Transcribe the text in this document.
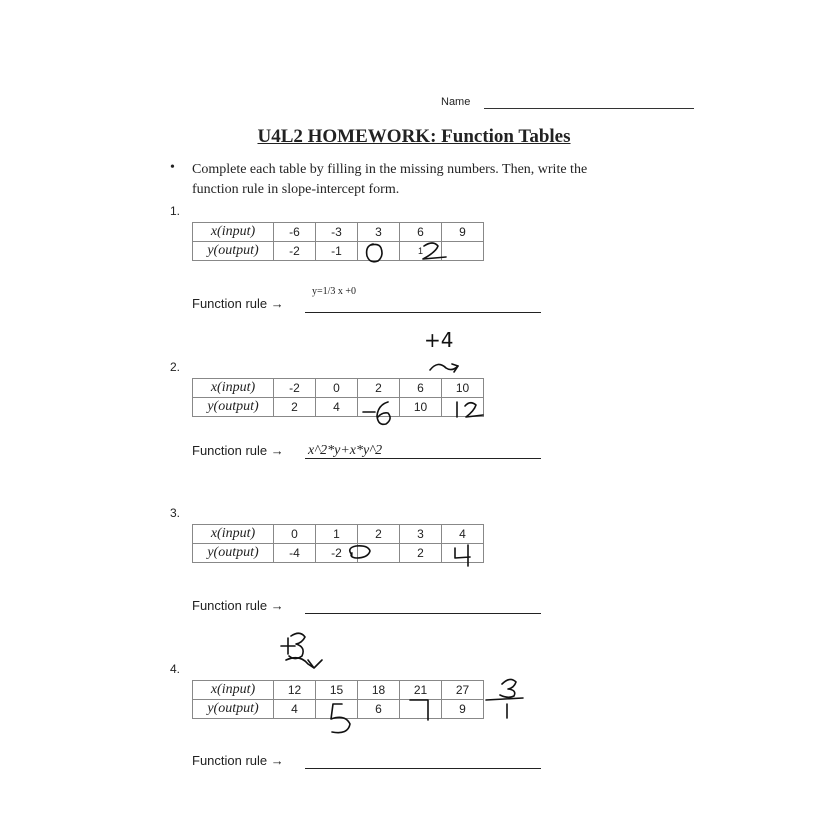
Name
U4L2 HOMEWORK: Function Tables
• Complete each table by filling in the missing numbers. Then, write the
function rule in slope-intercept form.
1.
x(input)	-6	-3	3	6	9
y(output)	-2	-1		1	
Function rule →
y=1/3 x +0
+4
2.
x(input)	-2	0	2	6	10
y(output)	2	4		10	
Function rule → x^2*y+x*y^2
3.
x(input)	0	1	2	3	4
y(output)	-4	-2		2	
Function rule →
4.
x(input)	12	15	18	21	27
y(output)	4		6		9
Function rule →
